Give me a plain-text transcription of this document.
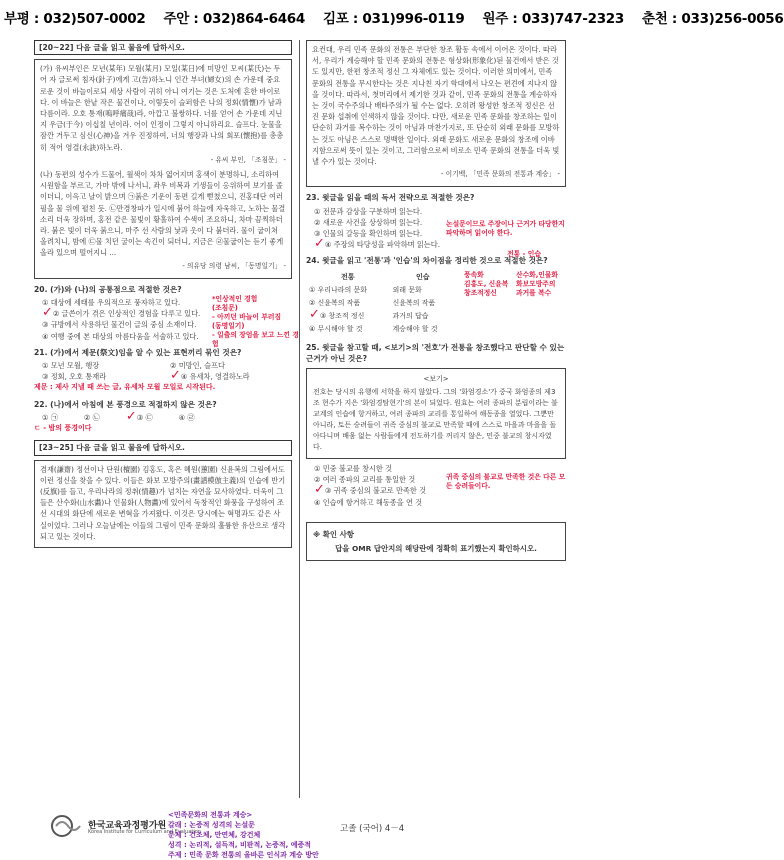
부평 : 032)507-0002 주안 : 032)864-6464 김포 : 031)996-0119 원주 : 033)747-2323 춘천 : 033)256-0056
[20~22] 다음 글을 읽고 물음에 답하시오.

(가) 유씨부인은 모년(某年) 모월(某月) 모일(某日)에 미망인 모씨(某氏)는 두어 자 글로써 침자(針子)에게 고(告)하노니 인간 부녀(婦女)의 손 가운데 중요로운 것이 바늘이로되 세상 사람이 귀히 아니 여기는 것은 도처에 흔한 바이로다. 이 바늘은 한낱 작은 물건이나, 이렇듯이 슬퍼함은 나의 정회(情懷)가 남과 다름이라. 오호 통재(嗚呼痛哉)라, 아깝고 불쌍하다. 너를 얻어 손 가운데 지닌 지 우금(于今) 이십칠 년이라. 어이 인정이 그렇지 아니하리요. 슬프다. 눈물을 잠깐 거두고 심신(心神)을 겨우 진정하여, 너의 행장과 나의 회포(懷抱)를 총총히 적어 영결(永訣)하노라.

- 유씨 부인, 「조침문」 -

(나) 동편의 성수가 드물어, 월색이 차차 엷어지며 홍색이 분명하니, 소리하여 시원함을 부르고, 가마 밖에 나서니, 좌우 비복과 기생들이 옹위하여 보기를 졸이더니, 이윽고 날이 밝으며 ㉠붉은 기운이 동편 길게 뻗쳤으니, 진홍대단 여러 필을 물 위에 펼친 듯. ㉡만경창파가 일시에 붉어 하늘에 자욱하고, 노하는 물결 소리 더욱 장하며, 홍전 같은 물빛이 황홀하여 수색이 조요하니, 차마 끔찍하더라. 붉은 빛이 더욱 붉으니, 마주 선 사람의 낯과 옷이 다 붉더라. 물이 굽이쳐 올려치니, 밤에 ㉢물 치던 굴이는 속긴이 되더니, 지금은 ㉣물굽이는 듣기 좋게 올라 있으며 떨어지니 ...

- 의유당 의령 남씨, 「동명일기」 -
20. (가)와 (나)의 공통점으로 적절한 것은?
① 대상에 세태를 우의적으로 풍자하고 있다.
✓② 글쓴이가 겪은 인상적인 경험을 다루고 있다.
③ 규방에서 사용하던 물건이 글의 중심 소재이다.
④ 여행 중에 본 대상의 아름다움을 서술하고 있다.
*인상적인 경험
(조침문)
- 아끼던 바늘이 부러짐
(동명일기)
- 일출의 장엄을 보고 느낀 경험
21. (가)에서 제문(祭文)임을 알 수 있는 표현끼리 묶인 것은?
① 모년 모월, 행장	② 미망인, 슬프다
③ 정회, 오호 통재라	✓④ 유세차, 영결하노라
제문 : 제사 지낼 때 쓰는 글, 유세차 모월 모일로 시작된다.
22. (나)에서 아침에 본 풍경으로 적절하지 않은 것은?
① ㉠	② ㉡ ✓③ ㉢	④ ㉣
ㄷ - 밤의 풍경이다
[23~25] 다음 글을 읽고 물음에 답하시오.

겸재(謙齋) 정선이나 단원(檀園) 김홍도, 혹은 혜원(蕙園) 신윤복의 그림에서도 이런 정신을 찾을 수 있다. 이들은 화보 모방주의(畫譜模倣主義)의 인습에 반기(反旗)를 들고, 우리나라의 정취(情趣)가 넘치는 자연을 묘사하였다. 더욱이 그들은 산수화(山水畵)나 인물화(人物畵)에 있어서 독창적인 화풍을 구성하여 조선 시대의 화단에 새로운 변혁을 가져왔다. 이것은 당시에는 혁명과도 같은 사실이었다. 그러나 오늘날에는 이들의 그림이 민족 문화의 훌륭한 유산으로 생각되고 있는 것이다.

요컨대, 우리 민족 문화의 전통은 부단한 창조 활동 속에서 이어온 것이다. 따라서, 우리가 계승해야 할 민족 문화의 전통은 형상화(形象化)된 물건에서 받은 것도 있지만, 한편 창조적 정신 그 자체에도 있는 것이다. 이러한 의미에서, 민족 문화의 전통을 무시한다는 것은 지나친 자기 학대에서 나오는 편견에 지나지 않을 것이다. 따라서, 첫머리에서 제기한 것과 같이, 민족 문화의 전통을 계승하자는 것이 국수주의나 배타주의가 될 수는 없다. 오히려 왕성한 창조적 정신은 선진 문화 섭취에 인색하지 않을 것이다. 다만, 새로운 민족 문화를 창조하는 일이 단순히 과거를 복수하는 것이 아님과 마찬가지로, 또 단순히 외래 문화를 모방하는 것도 아님은 스스로 명백한 일이다. 외래 문화도 새로운 문화의 창조에 이바지함으로써 뜻이 있는 것이고, 그러함으로써 비로소 민족 문화의 전통을 더욱 빛낼 수가 있는 것이다.

- 이기백, 「민족 문화의 전통과 계승」 -
23. 윗글을 읽을 때의 독서 전략으로 적절한 것은?
① 전문과 감상을 구분하며 읽는다.
② 새로운 사건을 상상하며 읽는다.
③ 인물의 갈등을 확인하며 읽는다.
✓④ 주장의 타당성을 파악하며 읽는다.
논설문이므로 주장이나 근거가 타당한지 파악하며 읽어야 한다.
24. 윗글을 읽고 '전통'과 '인습'의 차이점을 정리한 것으로 적절한 것은?
전통	인습
① 우리나라의 문화	외래 문화
② 신윤복의 작품	신윤복의 작품
✓③ 창조적 정신	과거의 답습
④ 무시해야 할 것	계승해야 할 것
전통 - 인습
풍속화
김홍도, 신윤복
창조적정신
산수화,인물화
화보모방주의
과거를 복수
25. 윗글을 참고할 때, <보기>의 '전호'가 전통을 창조했다고 판단할 수 있는 근거가 아닌 것은?
<보기>
전호는 당시의 유행에 서학을 하지 않았다. 그의 '화엄경소'가 중국 화엄종의 제3조 현수가 지은 '화엄경탐현기'의 본이 되었다. 원효는 여러 종파의 분립이라는 불교계의 인습에 항거하고, 여러 종파의 교리를 통일하여 해동종을 열었다. 그뿐만 아니라, 토든 승려들이 귀족 중심의 불교로 만족할 때에 스스로 마을과 마을을 돌아다니며 배움 없는 사람들에게 전도하기를 꺼리지 않은, 민중 불교의 창시자였다.
① 민중 불교를 창시한 것
② 여러 종파의 교리를 통일한 것
✓③ 귀족 중심의 불교로 만족한 것
④ 인습에 항거하고 해동종을 연 것
귀족 중심의 불교로 만족한 것은 다른 모든 승려들이다.
※ 확인 사항
답을 OMR 답안지의 해당란에 정확히 표기했는지 확인하시오.
한국교육과정평가원
Korea Institute for Curriculum and Evaluation
<민족문화의 전통과 계승>
갈래 : 논증적 성격의 논설문
문체 : 건조체, 만연체, 강건체
성격 : 논리적, 설득적, 비판적, 논증적, 예증적
주제 : 민족 문화 전통의 올바른 인식과 계승 방안
고졸 (국어) 4－4
